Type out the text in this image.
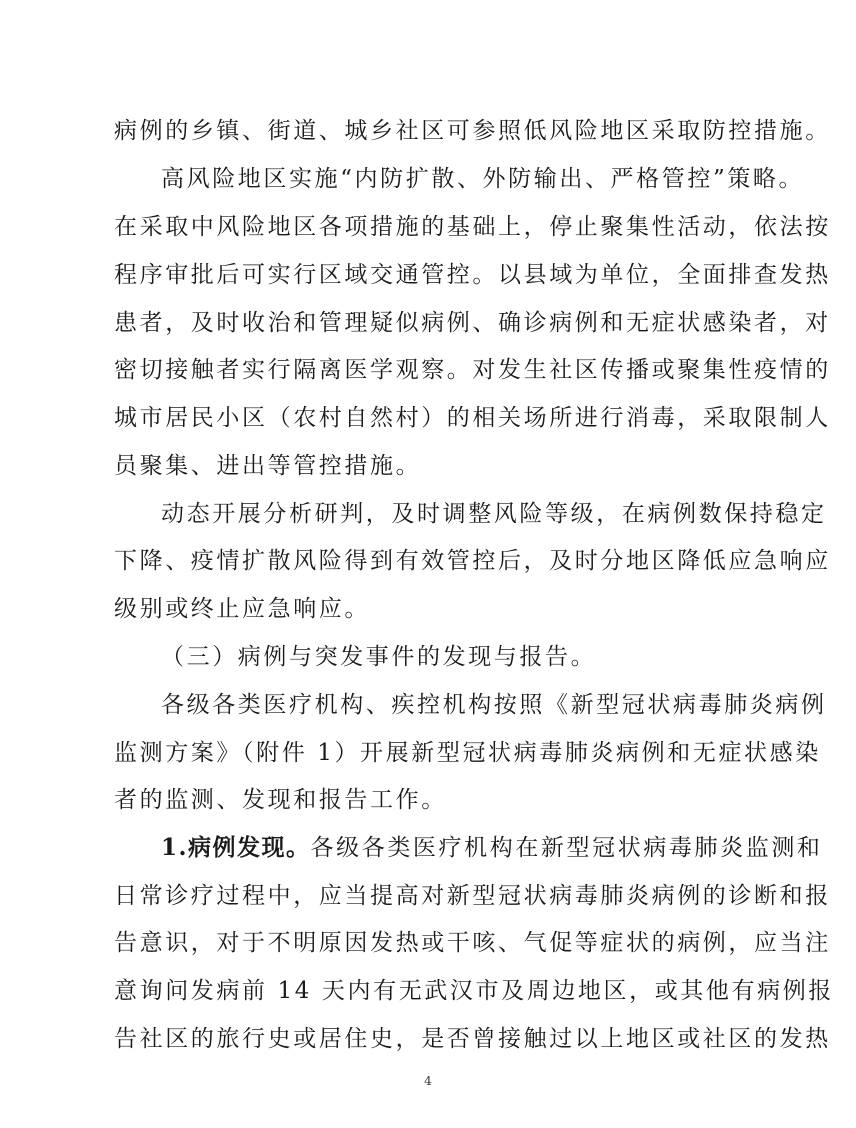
病例的乡镇、街道、城乡社区可参照低风险地区采取防控措施。
高风险地区实施“内防扩散、外防输出、严格管控”策略。
在采取中风险地区各项措施的基础上，停止聚集性活动，依法按
程序审批后可实行区域交通管控。以县域为单位，全面排查发热
患者，及时收治和管理疑似病例、确诊病例和无症状感染者，对
密切接触者实行隔离医学观察。对发生社区传播或聚集性疫情的
城市居民小区（农村自然村）的相关场所进行消毒，采取限制人
员聚集、进出等管控措施。
动态开展分析研判，及时调整风险等级，在病例数保持稳定
下降、疫情扩散风险得到有效管控后，及时分地区降低应急响应
级别或终止应急响应。
（三）病例与突发事件的发现与报告。
各级各类医疗机构、疾控机构按照《新型冠状病毒肺炎病例
监测方案》（附件 1）开展新型冠状病毒肺炎病例和无症状感染
者的监测、发现和报告工作。
1.病例发现。各级各类医疗机构在新型冠状病毒肺炎监测和
日常诊疗过程中，应当提高对新型冠状病毒肺炎病例的诊断和报
告意识，对于不明原因发热或干咳、气促等症状的病例，应当注
意询问发病前 14 天内有无武汉市及周边地区，或其他有病例报
告社区的旅行史或居住史，是否曾接触过以上地区或社区的发热
4
